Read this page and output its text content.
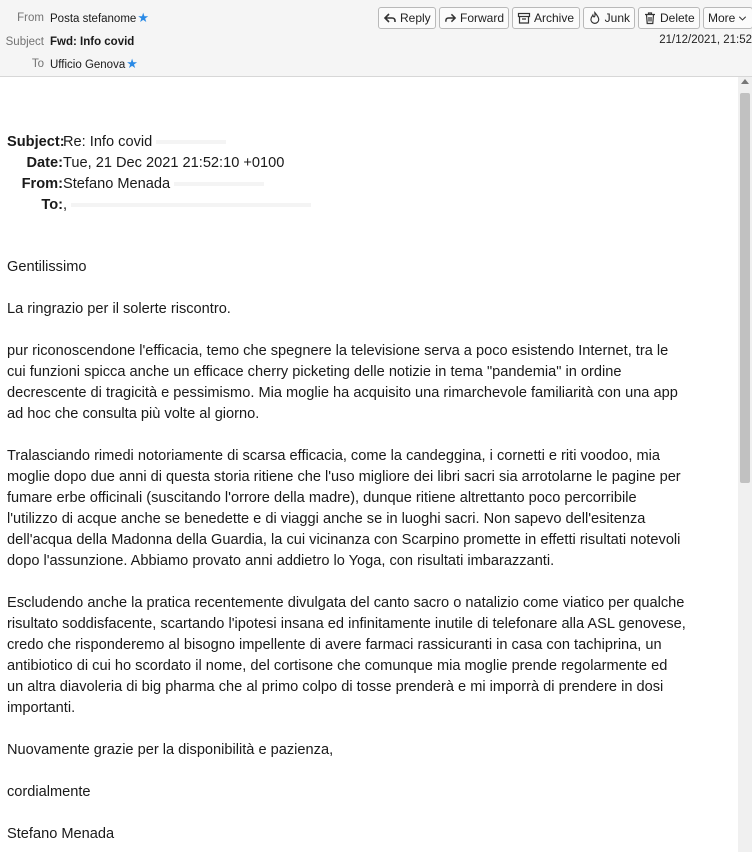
From Posta stefanome★
Subject Fwd: Info covid
To Ufficio Genova★
Reply Forward	Archive	Junk	Delete More
21/12/2021, 21:52
Subject:Re: Info covid
Date:Tue, 21 Dec 2021 21:52:10 +0100
From:Stefano Menada
To:,

Gentilissimo

La ringrazio per il solerte riscontro.

pur riconoscendone l'efficacia, temo che spegnere la televisione serva a poco esistendo Internet, tra le

cui funzioni spicca anche un efficace cherry picketing delle notizie in tema "pandemia" in ordine

decrescente di tragicità e pessimismo. Mia moglie ha acquisito una rimarchevole familiarità con una app

ad hoc che consulta più volte al giorno.

Tralasciando rimedi notoriamente di scarsa efficacia, come la candeggina, i cornetti e riti voodoo, mia

moglie dopo due anni di questa storia ritiene che l'uso migliore dei libri sacri sia arrotolarne le pagine per

fumare erbe officinali (suscitando l'orrore della madre), dunque ritiene altrettanto poco percorribile

l'utilizzo di acque anche se benedette e di viaggi anche se in luoghi sacri. Non sapevo dell'esitenza

dell'acqua della Madonna della Guardia, la cui vicinanza con Scarpino promette in effetti risultati notevoli

dopo l'assunzione. Abbiamo provato anni addietro lo Yoga, con risultati imbarazzanti.

Escludendo anche la pratica recentemente divulgata del canto sacro o natalizio come viatico per qualche

risultato soddisfacente, scartando l'ipotesi insana ed infinitamente inutile di telefonare alla ASL genovese,

credo che risponderemo al bisogno impellente di avere farmaci rassicuranti in casa con tachiprina, un

antibiotico di cui ho scordato il nome, del cortisone che comunque mia moglie prende regolarmente ed

un altra diavoleria di big pharma che al primo colpo di tosse prenderà e mi imporrà di prendere in dosi

importanti.

Nuovamente grazie per la disponibilità e pazienza,

cordialmente

Stefano Menada
